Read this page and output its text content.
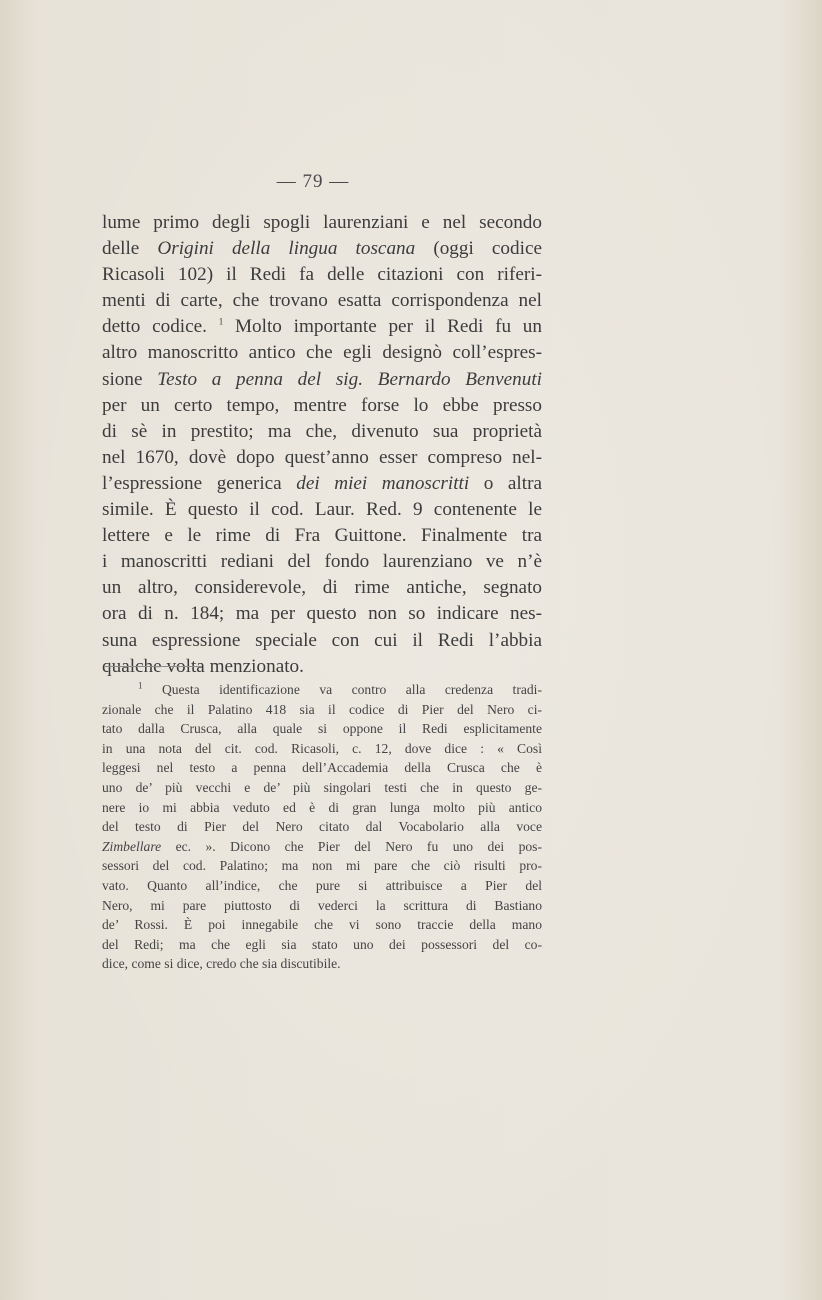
— 79 —
lume primo degli spogli laurenziani e nel secondo
delle Origini della lingua toscana (oggi codice
Ricasoli 102) il Redi fa delle citazioni con riferi-
menti di carte, che trovano esatta corrispondenza nel
detto codice. $^1$ Molto importante per il Redi fu un
altro manoscritto antico che egli designò coll’espres-
sione Testo a penna del sig. Bernardo Benvenuti
per un certo tempo, mentre forse lo ebbe presso
di sè in prestito; ma che, divenuto sua proprietà
nel 1670, dovè dopo quest’anno esser compreso nel-
l’espressione generica dei miei manoscritti o altra
simile. È questo il cod. Laur. Red. 9 contenente le
lettere e le rime di Fra Guittone. Finalmente tra
i manoscritti rediani del fondo laurenziano ve n’è
un altro, considerevole, di rime antiche, segnato
ora di n. 184; ma per questo non so indicare nes-
suna espressione speciale con cui il Redi l’abbia
qualche volta menzionato.
$^1$ Questa identificazione va contro alla credenza tradi-
zionale che il Palatino 418 sia il codice di Pier del Nero ci-
tato dalla Crusca, alla quale si oppone il Redi esplicitamente
in una nota del cit. cod. Ricasoli, c. 12, dove dice : « Così
leggesi nel testo a penna dell’Accademia della Crusca che è
uno de’ più vecchi e de’ più singolari testi che in questo ge-
nere io mi abbia veduto ed è di gran lunga molto più antico
del testo di Pier del Nero citato dal Vocabolario alla voce
Zimbellare ec. ». Dicono che Pier del Nero fu uno dei pos-
sessori del cod. Palatino; ma non mi pare che ciò risulti pro-
vato. Quanto all’indice, che pure si attribuisce a Pier del
Nero, mi pare piuttosto di vederci la scrittura di Bastiano
de’ Rossi. È poi innegabile che vi sono traccie della mano
del Redi; ma che egli sia stato uno dei possessori del co-
dice, come si dice, credo che sia discutibile.
